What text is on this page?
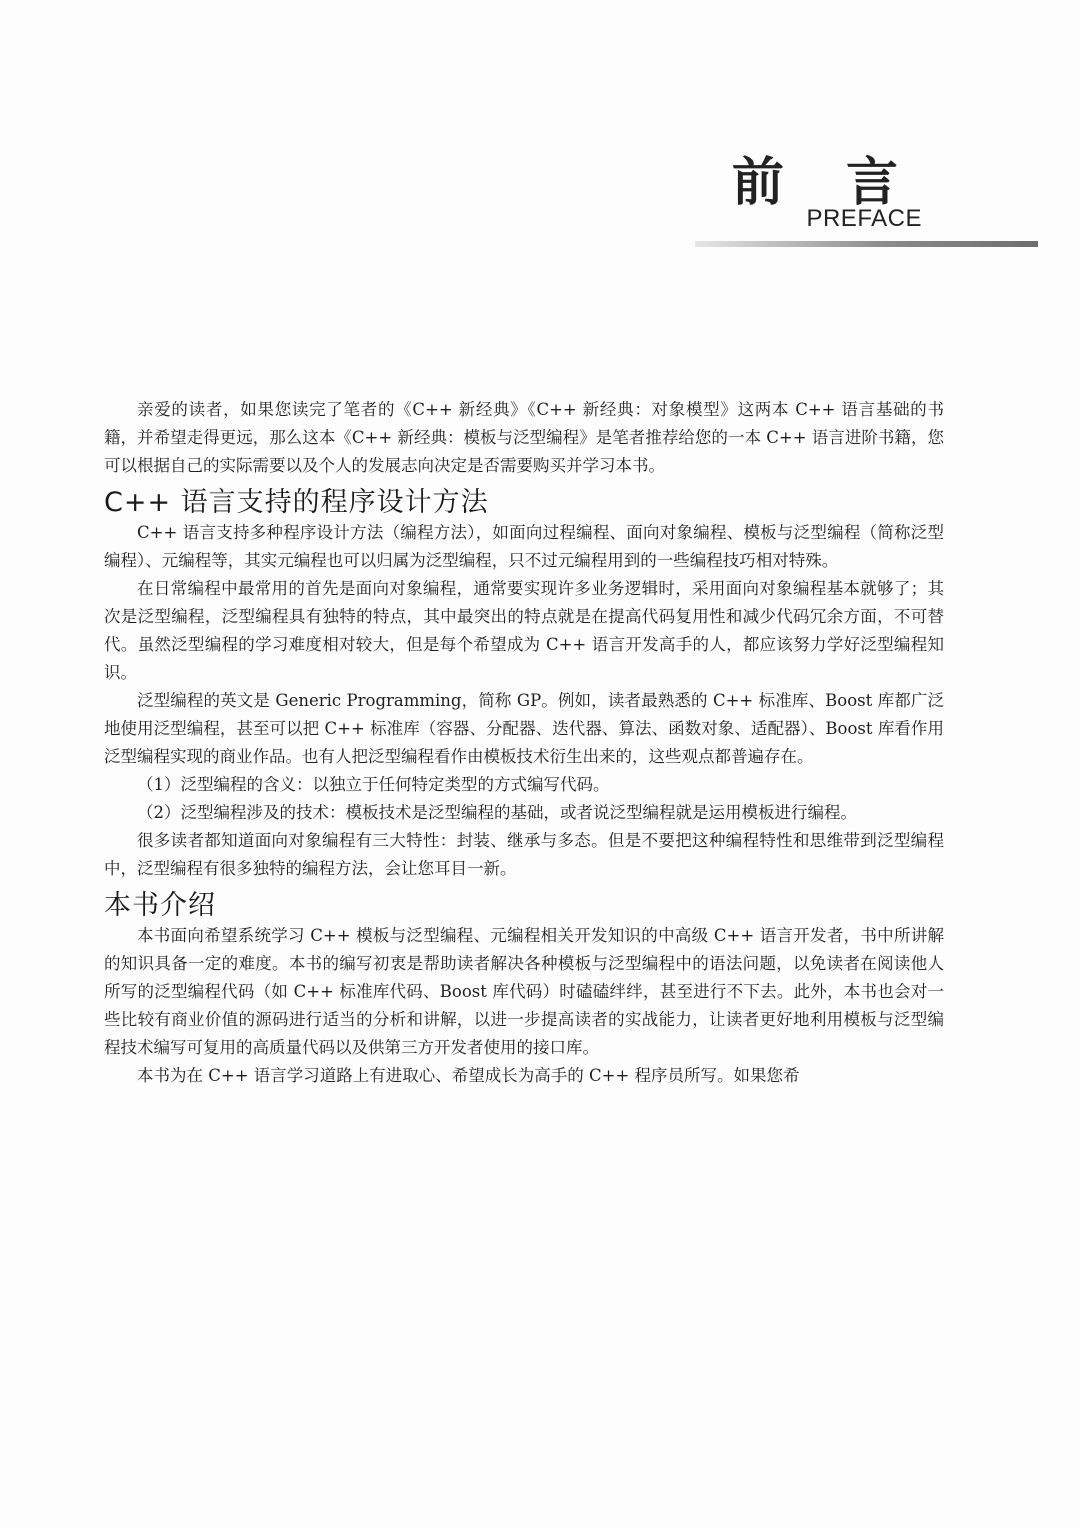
前 言
PREFACE

亲爱的读者，如果您读完了笔者的《C++ 新经典》《C++ 新经典：对象模型》这两本 C++ 语言基础的书籍，并希望走得更远，那么这本《C++ 新经典：模板与泛型编程》是笔者推荐给您的一本 C++ 语言进阶书籍，您可以根据自己的实际需要以及个人的发展志向决定是否需要购买并学习本书。

C++ 语言支持的程序设计方法

C++ 语言支持多种程序设计方法（编程方法），如面向过程编程、面向对象编程、模板与泛型编程（简称泛型编程）、元编程等，其实元编程也可以归属为泛型编程，只不过元编程用到的一些编程技巧相对特殊。

在日常编程中最常用的首先是面向对象编程，通常要实现许多业务逻辑时，采用面向对象编程基本就够了；其次是泛型编程，泛型编程具有独特的特点，其中最突出的特点就是在提高代码复用性和减少代码冗余方面，不可替代。虽然泛型编程的学习难度相对较大，但是每个希望成为 C++ 语言开发高手的人，都应该努力学好泛型编程知识。

泛型编程的英文是 Generic Programming，简称 GP。例如，读者最熟悉的 C++ 标准库、Boost 库都广泛地使用泛型编程，甚至可以把 C++ 标准库（容器、分配器、迭代器、算法、函数对象、适配器）、Boost 库看作用泛型编程实现的商业作品。也有人把泛型编程看作由模板技术衍生出来的，这些观点都普遍存在。

（1）泛型编程的含义：以独立于任何特定类型的方式编写代码。

（2）泛型编程涉及的技术：模板技术是泛型编程的基础，或者说泛型编程就是运用模板进行编程。

很多读者都知道面向对象编程有三大特性：封装、继承与多态。但是不要把这种编程特性和思维带到泛型编程中，泛型编程有很多独特的编程方法，会让您耳目一新。

本书介绍

本书面向希望系统学习 C++ 模板与泛型编程、元编程相关开发知识的中高级 C++ 语言开发者，书中所讲解的知识具备一定的难度。本书的编写初衷是帮助读者解决各种模板与泛型编程中的语法问题，以免读者在阅读他人所写的泛型编程代码（如 C++ 标准库代码、Boost 库代码）时磕磕绊绊，甚至进行不下去。此外，本书也会对一些比较有商业价值的源码进行适当的分析和讲解，以进一步提高读者的实战能力，让读者更好地利用模板与泛型编程技术编写可复用的高质量代码以及供第三方开发者使用的接口库。

本书为在 C++ 语言学习道路上有进取心、希望成长为高手的 C++ 程序员所写。如果您希
